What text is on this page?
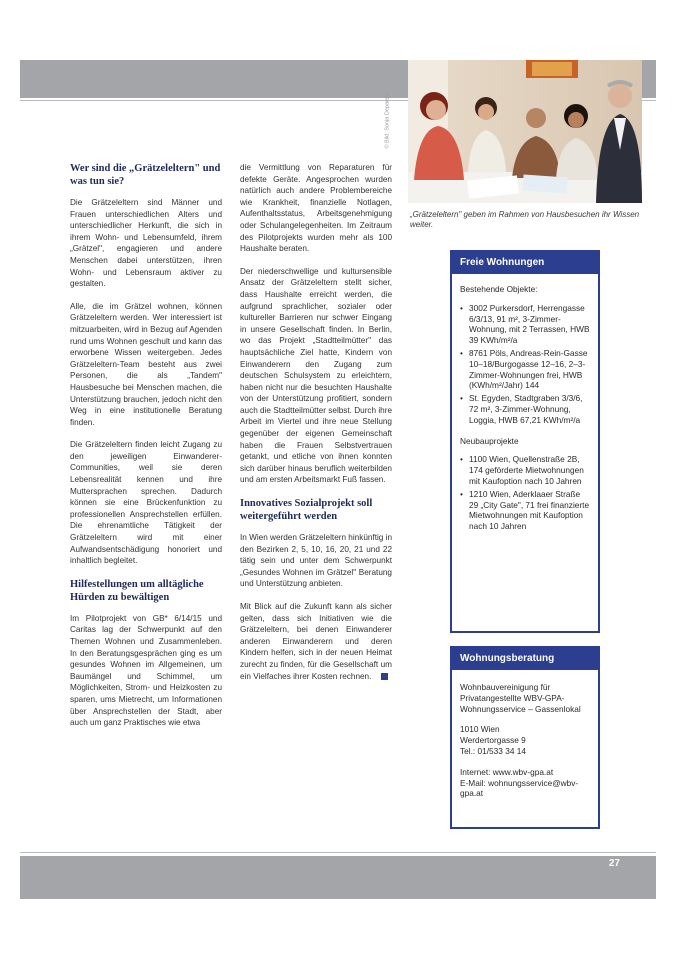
© Bild: Sonja Deparski
„Grätzeleltern" geben im Rahmen von Hausbesuchen ihr Wissen weiter.
Wer sind die „Grätzeleltern" und was tun sie?

Die Grätzeleltern sind Männer und Frauen unterschiedlichen Alters und unterschiedlicher Herkunft, die sich in ihrem Wohn- und Lebensumfeld, ihrem „Grätzel", engagieren und andere Menschen dabei unterstützen, ihren Wohn- und Lebensraum aktiver zu gestalten.

Alle, die im Grätzel wohnen, können Grätzeleltern werden. Wer interessiert ist mitzuarbeiten, wird in Bezug auf Agenden rund ums Wohnen geschult und kann das erworbene Wissen weitergeben. Jedes Grätzeleltern-Team besteht aus zwei Personen, die als „Tandem" Hausbesuche bei Menschen machen, die Unterstützung brauchen, jedoch nicht den Weg in eine institutionelle Beratung finden.

Die Grätzeleltern finden leicht Zugang zu den jeweiligen Einwanderer-Communities, weil sie deren Lebensrealität kennen und ihre Muttersprachen sprechen. Dadurch können sie eine Brückenfunktion zu professionellen Ansprechstellen erfüllen. Die ehrenamtliche Tätigkeit der Grätzeleltern wird mit einer Aufwandsentschädigung honoriert und inhaltlich begleitet.

Hilfestellungen um alltägliche Hürden zu bewältigen

Im Pilotprojekt von GB* 6/14/15 und Caritas lag der Schwerpunkt auf den Themen Wohnen und Zusammenleben. In den Beratungsgesprächen ging es um gesundes Wohnen im Allgemeinen, um Baumängel und Schimmel, um Möglichkeiten, Strom- und Heizkosten zu sparen, ums Mietrecht, um Informationen über Ansprechstellen der Stadt, aber auch um ganz Praktisches wie etwa

die Vermittlung von Reparaturen für defekte Geräte. Angesprochen wurden natürlich auch andere Problembereiche wie Krankheit, finanzielle Notlagen, Aufenthaltsstatus, Arbeitsgenehmigung oder Schulangelegenheiten. Im Zeitraum des Pilotprojekts wurden mehr als 100 Haushalte beraten.

Der niederschwellige und kultursensible Ansatz der Grätzeleltern stellt sicher, dass Haushalte erreicht werden, die aufgrund sprachlicher, sozialer oder kultureller Barrieren nur schwer Eingang in unsere Gesellschaft finden. In Berlin, wo das Projekt „Stadtteilmütter" das hauptsächliche Ziel hatte, Kindern von Einwanderern den Zugang zum deutschen Schulsystem zu erleichtern, haben nicht nur die besuchten Haushalte von der Unterstützung profitiert, sondern auch die Stadtteilmütter selbst. Durch ihre Arbeit im Viertel und ihre neue Stellung gegenüber der eigenen Gemeinschaft haben die Frauen Selbstvertrauen getankt, und etliche von ihnen konnten sich darüber hinaus beruflich weiterbilden und am ersten Arbeitsmarkt Fuß fassen.

Innovatives Sozialprojekt soll weitergeführt werden

In Wien werden Grätzeleltern hinkünftig in den Bezirken 2, 5, 10, 16, 20, 21 und 22 tätig sein und unter dem Schwerpunkt „Gesundes Wohnen im Grätzel" Beratung und Unterstützung anbieten.

Mit Blick auf die Zukunft kann als sicher gelten, dass sich Initiativen wie die Grätzeleltern, bei denen Einwanderer anderen Einwanderern und deren Kindern helfen, sich in der neuen Heimat zurecht zu finden, für die Gesellschaft um ein Vielfaches ihrer Kosten rechnen.

Freie Wohnungen
Bestehende Objekte:
• 3002 Purkersdorf, Herrengasse 6/3/13, 91 m², 3-Zimmer-Wohnung, mit 2 Terrassen, HWB 39 KWh/m²/a
• 8761 Pöls, Andreas-Rein-Gasse 10–18/Burgogasse 12–16, 2–3-Zimmer-Wohnungen frei, HWB (KWh/m²/Jahr) 144
• St. Egyden, Stadtgraben 3/3/6, 72 m², 3-Zimmer-Wohnung, Loggia, HWB 67,21 KWh/m²/a
Neubauprojekte
• 1100 Wien, Quellenstraße 2B, 174 geförderte Mietwohnungen mit Kaufoption nach 10 Jahren
• 1210 Wien, Aderklaaer Straße 29 „City Gate", 71 frei finanzierte Mietwohnungen mit Kaufoption nach 10 Jahren
Wohnungsberatung

Wohnbauvereinigung für Privatangestellte WBV-GPA-Wohnungsservice – Gassenlokal

1010 Wien
Werdertorgasse 9
Tel.: 01/533 34 14

Internet: www.wbv-gpa.at
E-Mail: wohnungsservice@wbv-gpa.at

27
